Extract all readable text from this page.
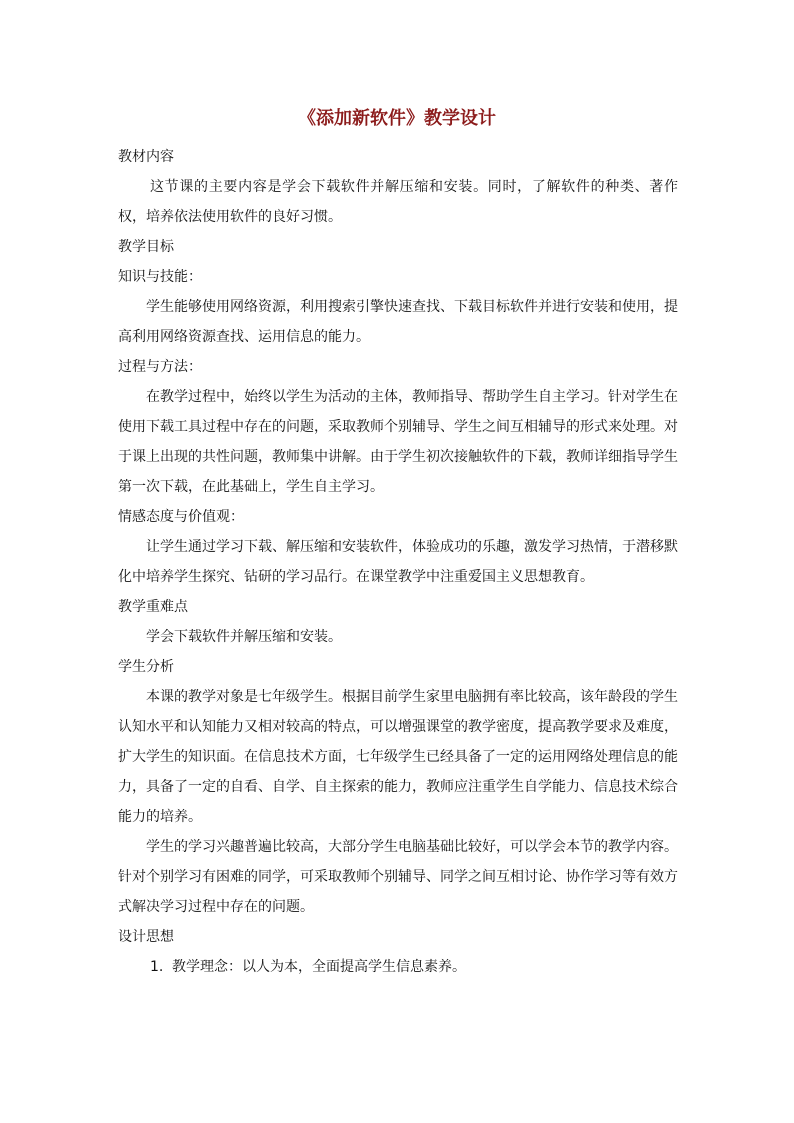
《添加新软件》教学设计

教材内容

这节课的主要内容是学会下载软件并解压缩和安装。同时，了解软件的种类、著作权，培养依法使用软件的良好习惯。

教学目标

知识与技能：

学生能够使用网络资源，利用搜索引擎快速查找、下载目标软件并进行安装和使用，提高利用网络资源查找、运用信息的能力。

过程与方法：

在教学过程中，始终以学生为活动的主体，教师指导、帮助学生自主学习。针对学生在使用下载工具过程中存在的问题，采取教师个别辅导、学生之间互相辅导的形式来处理。对于课上出现的共性问题，教师集中讲解。由于学生初次接触软件的下载，教师详细指导学生第一次下载，在此基础上，学生自主学习。

情感态度与价值观：

让学生通过学习下载、解压缩和安装软件，体验成功的乐趣，激发学习热情，于潜移默化中培养学生探究、钻研的学习品行。在课堂教学中注重爱国主义思想教育。

教学重难点

学会下载软件并解压缩和安装。

学生分析

本课的教学对象是七年级学生。根据目前学生家里电脑拥有率比较高，该年龄段的学生认知水平和认知能力又相对较高的特点，可以增强课堂的教学密度，提高教学要求及难度，扩大学生的知识面。在信息技术方面，七年级学生已经具备了一定的运用网络处理信息的能力，具备了一定的自看、自学、自主探索的能力，教师应注重学生自学能力、信息技术综合能力的培养。

学生的学习兴趣普遍比较高，大部分学生电脑基础比较好，可以学会本节的教学内容。针对个别学习有困难的同学，可采取教师个别辅导、同学之间互相讨论、协作学习等有效方式解决学习过程中存在的问题。

设计思想

1. 教学理念：以人为本，全面提高学生信息素养。
